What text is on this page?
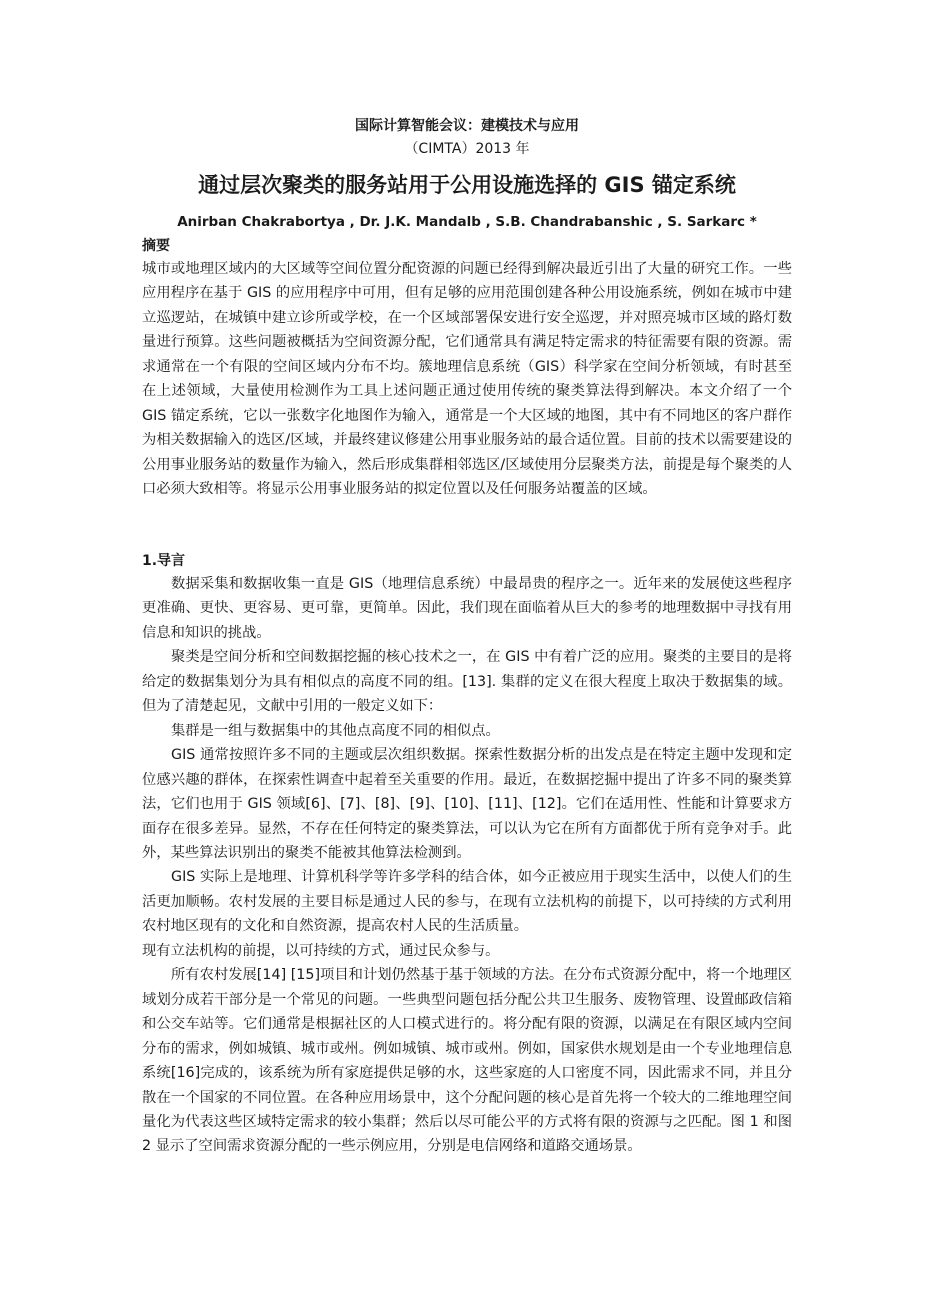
国际计算智能会议：建模技术与应用
（CIMTA）2013 年
通过层次聚类的服务站用于公用设施选择的 GIS 锚定系统
Anirban Chakrabortya , Dr. J.K. Mandalb , S.B. Chandrabanshic , S. Sarkarc *
摘要
城市或地理区域内的大区域等空间位置分配资源的问题已经得到解决最近引出了大量的研究工作。一些应用程序在基于 GIS 的应用程序中可用，但有足够的应用范围创建各种公用设施系统，例如在城市中建立巡逻站，在城镇中建立诊所或学校，在一个区域部署保安进行安全巡逻，并对照亮城市区域的路灯数量进行预算。这些问题被概括为空间资源分配，它们通常具有满足特定需求的特征需要有限的资源。需求通常在一个有限的空间区域内分布不均。簇地理信息系统（GIS）科学家在空间分析领域，有时甚至在上述领域，大量使用检测作为工具上述问题正通过使用传统的聚类算法得到解决。本文介绍了一个 GIS 锚定系统，它以一张数字化地图作为输入，通常是一个大区域的地图，其中有不同地区的客户群作为相关数据输入的选区/区域，并最终建议修建公用事业服务站的最合适位置。目前的技术以需要建设的公用事业服务站的数量作为输入，然后形成集群相邻选区/区域使用分层聚类方法，前提是每个聚类的人口必须大致相等。将显示公用事业服务站的拟定位置以及任何服务站覆盖的区域。
1.导言

数据采集和数据收集一直是 GIS（地理信息系统）中最昂贵的程序之一。近年来的发展使这些程序更准确、更快、更容易、更可靠，更简单。因此，我们现在面临着从巨大的参考的地理数据中寻找有用信息和知识的挑战。

聚类是空间分析和空间数据挖掘的核心技术之一，在 GIS 中有着广泛的应用。聚类的主要目的是将给定的数据集划分为具有相似点的高度不同的组。[13]. 集群的定义在很大程度上取决于数据集的域。但为了清楚起见，文献中引用的一般定义如下：

集群是一组与数据集中的其他点高度不同的相似点。

GIS 通常按照许多不同的主题或层次组织数据。探索性数据分析的出发点是在特定主题中发现和定位感兴趣的群体，在探索性调查中起着至关重要的作用。最近，在数据挖掘中提出了许多不同的聚类算法，它们也用于 GIS 领域[6]、[7]、[8]、[9]、[10]、[11]、[12]。它们在适用性、性能和计算要求方面存在很多差异。显然，不存在任何特定的聚类算法，可以认为它在所有方面都优于所有竞争对手。此外，某些算法识别出的聚类不能被其他算法检测到。

GIS 实际上是地理、计算机科学等许多学科的结合体，如今正被应用于现实生活中，以使人们的生活更加顺畅。农村发展的主要目标是通过人民的参与，在现有立法机构的前提下，以可持续的方式利用农村地区现有的文化和自然资源，提高农村人民的生活质量。

现有立法机构的前提，以可持续的方式，通过民众参与。

所有农村发展[14] [15]项目和计划仍然基于基于领域的方法。在分布式资源分配中，将一个地理区域划分成若干部分是一个常见的问题。一些典型问题包括分配公共卫生服务、废物管理、设置邮政信箱和公交车站等。它们通常是根据社区的人口模式进行的。将分配有限的资源，以满足在有限区域内空间分布的需求，例如城镇、城市或州。例如城镇、城市或州。例如，国家供水规划是由一个专业地理信息系统[16]完成的，该系统为所有家庭提供足够的水，这些家庭的人口密度不同，因此需求不同，并且分散在一个国家的不同位置。在各种应用场景中，这个分配问题的核心是首先将一个较大的二维地理空间量化为代表这些区域特定需求的较小集群；然后以尽可能公平的方式将有限的资源与之匹配。图 1 和图 2 显示了空间需求资源分配的一些示例应用，分别是电信网络和道路交通场景。
